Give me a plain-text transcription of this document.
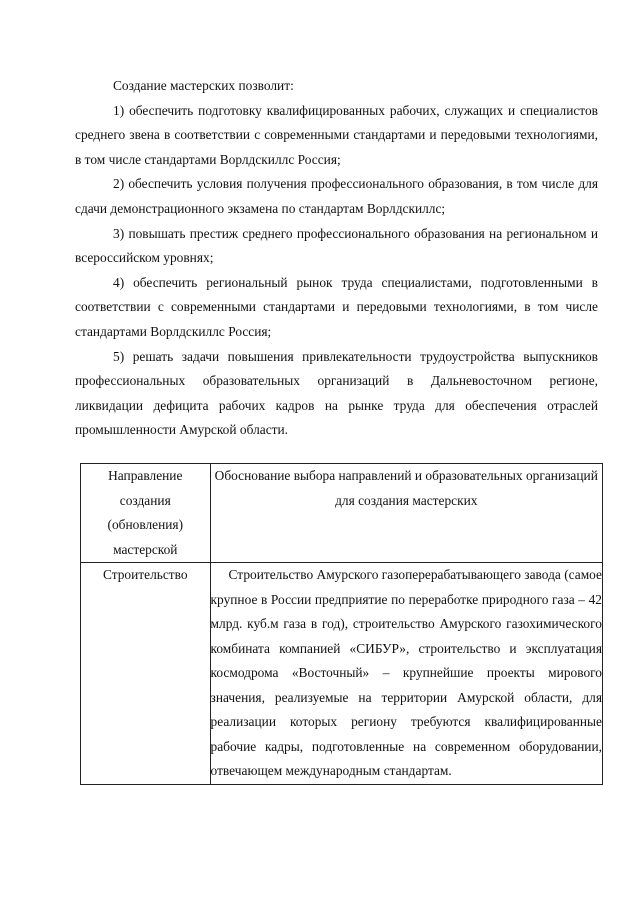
Создание мастерских позволит:

1) обеспечить подготовку квалифицированных рабочих, служащих и специалистов среднего звена в соответствии с современными стандартами и передовыми технологиями, в том числе стандартами Ворлдскиллс Россия;

2) обеспечить условия получения профессионального образования, в том числе для сдачи демонстрационного экзамена по стандартам Ворлдскиллс;

3) повышать престиж среднего профессионального образования на региональном и всероссийском уровнях;

4) обеспечить региональный рынок труда специалистами, подготовленными в соответствии с современными стандартами и передовыми технологиями, в том числе стандартами Ворлдскиллс Россия;

5) решать задачи повышения привлекательности трудоустройства выпускников профессиональных образовательных организаций в Дальневосточном регионе, ликвидации дефицита рабочих кадров на рынке труда для обеспечения отраслей промышленности Амурской области.

Направление
создания
(обновления)
мастерской	Обоснование выбора направлений и образовательных организаций для создания мастерских
Строительство	Строительство Амурского газоперерабатывающего завода (самое крупное в России предприятие по переработке природного газа – 42 млрд. куб.м газа в год), строительство Амурского газохимического комбината компанией «СИБУР», строительство и эксплуатация космодрома «Восточный» – крупнейшие проекты мирового значения, реализуемые на территории Амурской области, для реализации которых региону требуются квалифицированные рабочие кадры, подготовленные на современном оборудовании, отвечающем международным стандартам.
